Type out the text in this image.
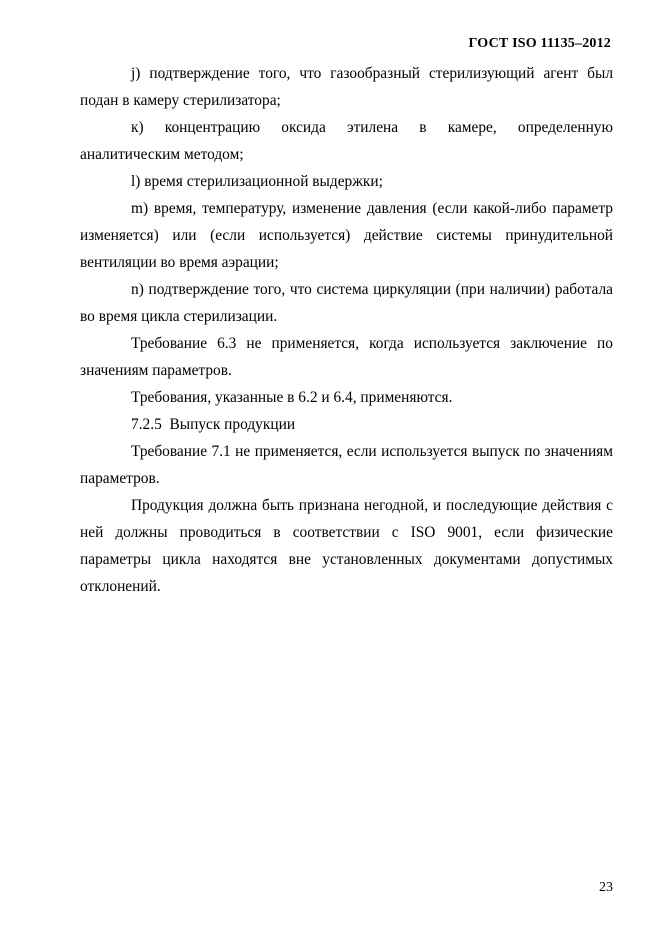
ГОСТ ISO 11135–2012

j) подтверждение того, что газообразный стерилизующий агент был подан в камеру стерилизатора;

к) концентрацию оксида этилена в камере, определенную аналитическим методом;

l) время стерилизационной выдержки;

m) время, температуру, изменение давления (если какой-либо параметр изменяется) или (если используется) действие системы принудительной вентиляции во время аэрации;

n) подтверждение того, что система циркуляции (при наличии) работала во время цикла стерилизации.

Требование 6.3 не применяется, когда используется заключение по значениям параметров.

Требования, указанные в 6.2 и 6.4, применяются.

7.2.5  Выпуск продукции

Требование 7.1 не применяется, если используется выпуск по значениям параметров.

Продукция должна быть признана негодной, и последующие действия с ней должны проводиться в соответствии с ISO 9001, если физические параметры цикла находятся вне установленных документами допустимых отклонений.

23
